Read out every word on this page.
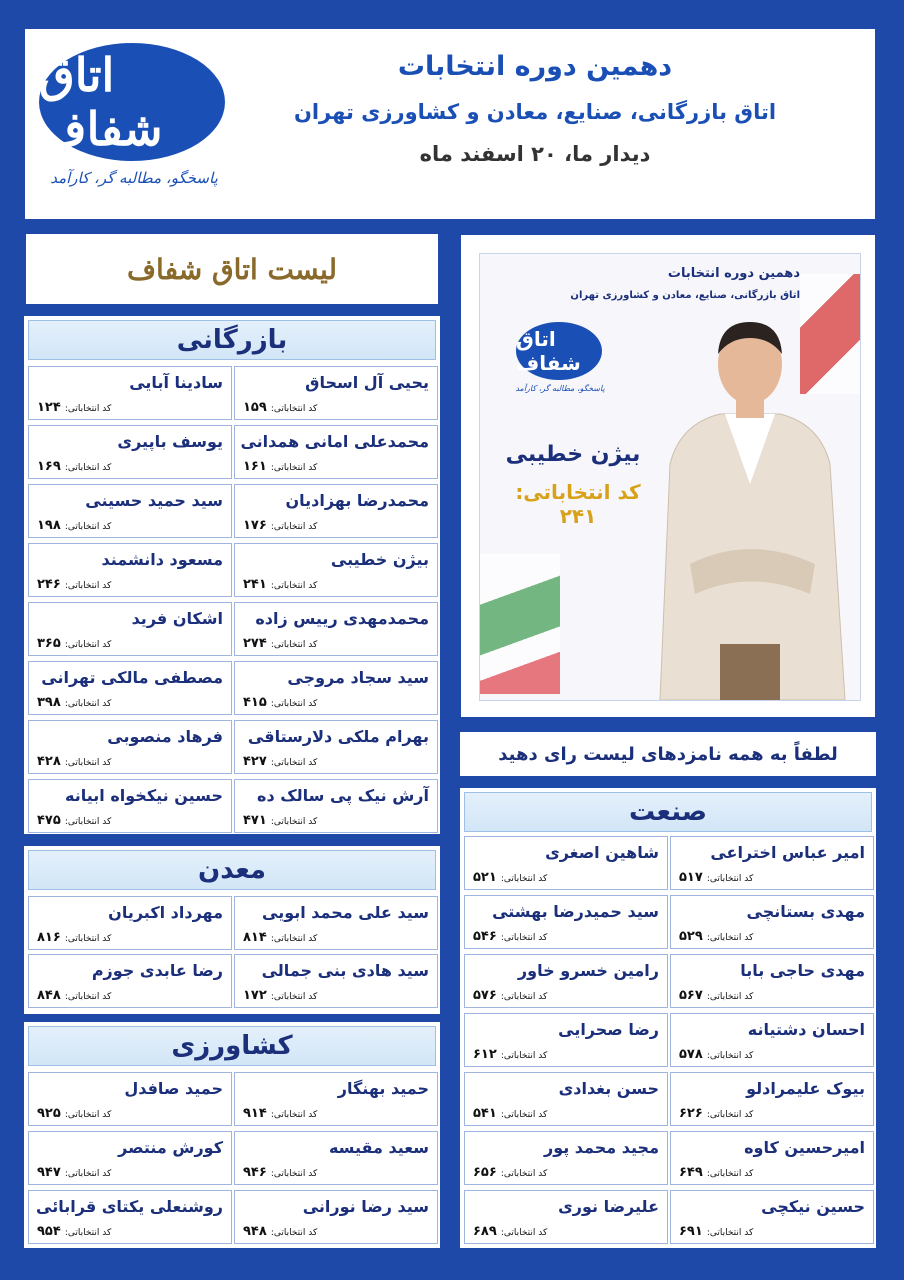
اتاق شفاف
پاسخگو، مطالبه گر، کارآمد
دهمین دوره انتخابات
اتاق بازرگانی، صنایع، معادن و کشاورزی تهران
دیدار ما، ۲۰ اسفند ماه
لیست اتاق شفاف
بازرگانی
یحیی آل اسحاق
کد انتخاباتی:۱۵۹
سادینا آبایی
کد انتخاباتی:۱۲۴
محمدعلی امانی همدانی
کد انتخاباتی:۱۶۱
یوسف باپیری
کد انتخاباتی:۱۶۹
محمدرضا بهزادیان
کد انتخاباتی:۱۷۶
سید حمید حسینی
کد انتخاباتی:۱۹۸
بیژن خطیبی
کد انتخاباتی:۲۴۱
مسعود دانشمند
کد انتخاباتی:۲۴۶
محمدمهدی رییس زاده
کد انتخاباتی:۲۷۴
اشکان فرید
کد انتخاباتی:۳۶۵
سید سجاد مروجی
کد انتخاباتی:۴۱۵
مصطفی مالکی تهرانی
کد انتخاباتی:۳۹۸
بهرام ملکی دلارستاقی
کد انتخاباتی:۴۲۷
فرهاد منصوبی
کد انتخاباتی:۴۲۸
آرش نیک پی سالک ده
کد انتخاباتی:۴۷۱
حسین نیکخواه ابیانه
کد انتخاباتی:۴۷۵
معدن
سید علی محمد ابویی
کد انتخاباتی:۸۱۴
مهرداد اکبریان
کد انتخاباتی:۸۱۶
سید هادی بنی جمالی
کد انتخاباتی:۱۷۲
رضا عابدی جوزم
کد انتخاباتی:۸۴۸
کشاورزی
حمید بهنگار
کد انتخاباتی:۹۱۴
حمید صافدل
کد انتخاباتی:۹۲۵
سعید مقیسه
کد انتخاباتی:۹۴۶
کورش منتصر
کد انتخاباتی:۹۴۷
سید رضا نورانی
کد انتخاباتی:۹۴۸
روشنعلی یکتای قرابائی
کد انتخاباتی:۹۵۴
صنعت
امیر عباس اختراعی
کد انتخاباتی:۵۱۷
شاهین اصغری
کد انتخاباتی:۵۲۱
مهدی بستانچی
کد انتخاباتی:۵۲۹
سید حمیدرضا بهشتی
کد انتخاباتی:۵۴۶
مهدی حاجی بابا
کد انتخاباتی:۵۶۷
رامین خسرو خاور
کد انتخاباتی:۵۷۶
احسان دشتیانه
کد انتخاباتی:۵۷۸
رضا صحرایی
کد انتخاباتی:۶۱۲
بیوک علیمرادلو
کد انتخاباتی:۶۲۶
حسن بغدادی
کد انتخاباتی:۵۴۱
امیرحسین کاوه
کد انتخاباتی:۶۴۹
مجید محمد پور
کد انتخاباتی:۶۵۶
حسین نیکچی
کد انتخاباتی:۶۹۱
علیرضا نوری
کد انتخاباتی:۶۸۹
دهمین دوره انتخابات
اتاق بازرگانی، صنایع، معادن و کشاورزی تهران
اتاق شفاف
پاسخگو، مطالبه گر، کارآمد
بیژن خطیبی
کد انتخاباتی: ۲۴۱
لطفاً به همه نامزدهای لیست رای دهید
